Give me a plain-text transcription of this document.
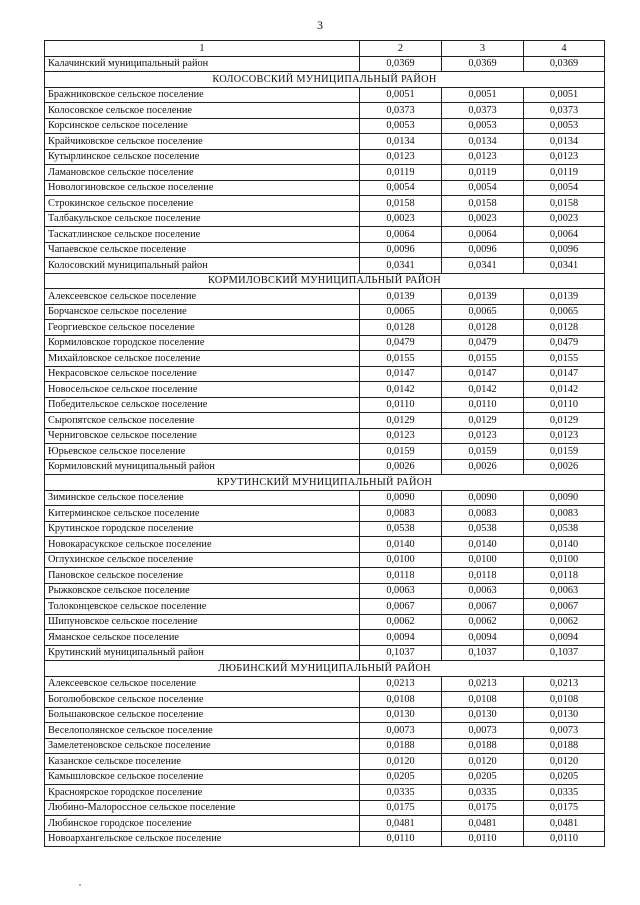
3
1	2	3	4
Калачинский муниципальный район	0,0369	0,0369	0,0369
КОЛОСОВСКИЙ МУНИЦИПАЛЬНЫЙ РАЙОН			
Бражниковское сельское поселение	0,0051	0,0051	0,0051
Колосовское сельское поселение	0,0373	0,0373	0,0373
Корсинское сельское поселение	0,0053	0,0053	0,0053
Крайчиковское сельское поселение	0,0134	0,0134	0,0134
Кутырлинское сельское поселение	0,0123	0,0123	0,0123
Ламановское сельское поселение	0,0119	0,0119	0,0119
Новологиновское сельское поселение	0,0054	0,0054	0,0054
Строкинское сельское поселение	0,0158	0,0158	0,0158
Талбакульское сельское поселение	0,0023	0,0023	0,0023
Таскатлинское сельское поселение	0,0064	0,0064	0,0064
Чапаевское сельское поселение	0,0096	0,0096	0,0096
Колосовский муниципальный район	0,0341	0,0341	0,0341
КОРМИЛОВСКИЙ МУНИЦИПАЛЬНЫЙ РАЙОН			
Алексеевское сельское поселение	0,0139	0,0139	0,0139
Борчанское сельское поселение	0,0065	0,0065	0,0065
Георгиевское сельское поселение	0,0128	0,0128	0,0128
Кормиловское городское поселение	0,0479	0,0479	0,0479
Михайловское сельское поселение	0,0155	0,0155	0,0155
Некрасовское сельское поселение	0,0147	0,0147	0,0147
Новосельское сельское поселение	0,0142	0,0142	0,0142
Победительское сельское поселение	0,0110	0,0110	0,0110
Сыропятское сельское поселение	0,0129	0,0129	0,0129
Черниговское сельское поселение	0,0123	0,0123	0,0123
Юрьевское сельское поселение	0,0159	0,0159	0,0159
Кормиловский муниципальный район	0,0026	0,0026	0,0026
КРУТИНСКИЙ МУНИЦИПАЛЬНЫЙ РАЙОН			
Зиминское сельское поселение	0,0090	0,0090	0,0090
Китерминское сельское поселение	0,0083	0,0083	0,0083
Крутинское городское поселение	0,0538	0,0538	0,0538
Новокарасукское сельское поселение	0,0140	0,0140	0,0140
Оглухинское сельское поселение	0,0100	0,0100	0,0100
Пановское сельское поселение	0,0118	0,0118	0,0118
Рыжковское сельское поселение	0,0063	0,0063	0,0063
Толоконцевское сельское поселение	0,0067	0,0067	0,0067
Шипуновское сельское поселение	0,0062	0,0062	0,0062
Яманское сельское поселение	0,0094	0,0094	0,0094
Крутинский муниципальный район	0,1037	0,1037	0,1037
ЛЮБИНСКИЙ МУНИЦИПАЛЬНЫЙ РАЙОН			
Алексеевское сельское поселение	0,0213	0,0213	0,0213
Боголюбовское сельское поселение	0,0108	0,0108	0,0108
Большаковское сельское поселение	0,0130	0,0130	0,0130
Веселополянское сельское поселение	0,0073	0,0073	0,0073
Замелетеновское сельское поселение	0,0188	0,0188	0,0188
Казанское сельское поселение	0,0120	0,0120	0,0120
Камышловское сельское поселение	0,0205	0,0205	0,0205
Красноярское городское поселение	0,0335	0,0335	0,0335
Любино-Малороссное сельское поселение	0,0175	0,0175	0,0175
Любинское городское поселение	0,0481	0,0481	0,0481
Новоархангельское сельское поселение	0,0110	0,0110	0,0110
